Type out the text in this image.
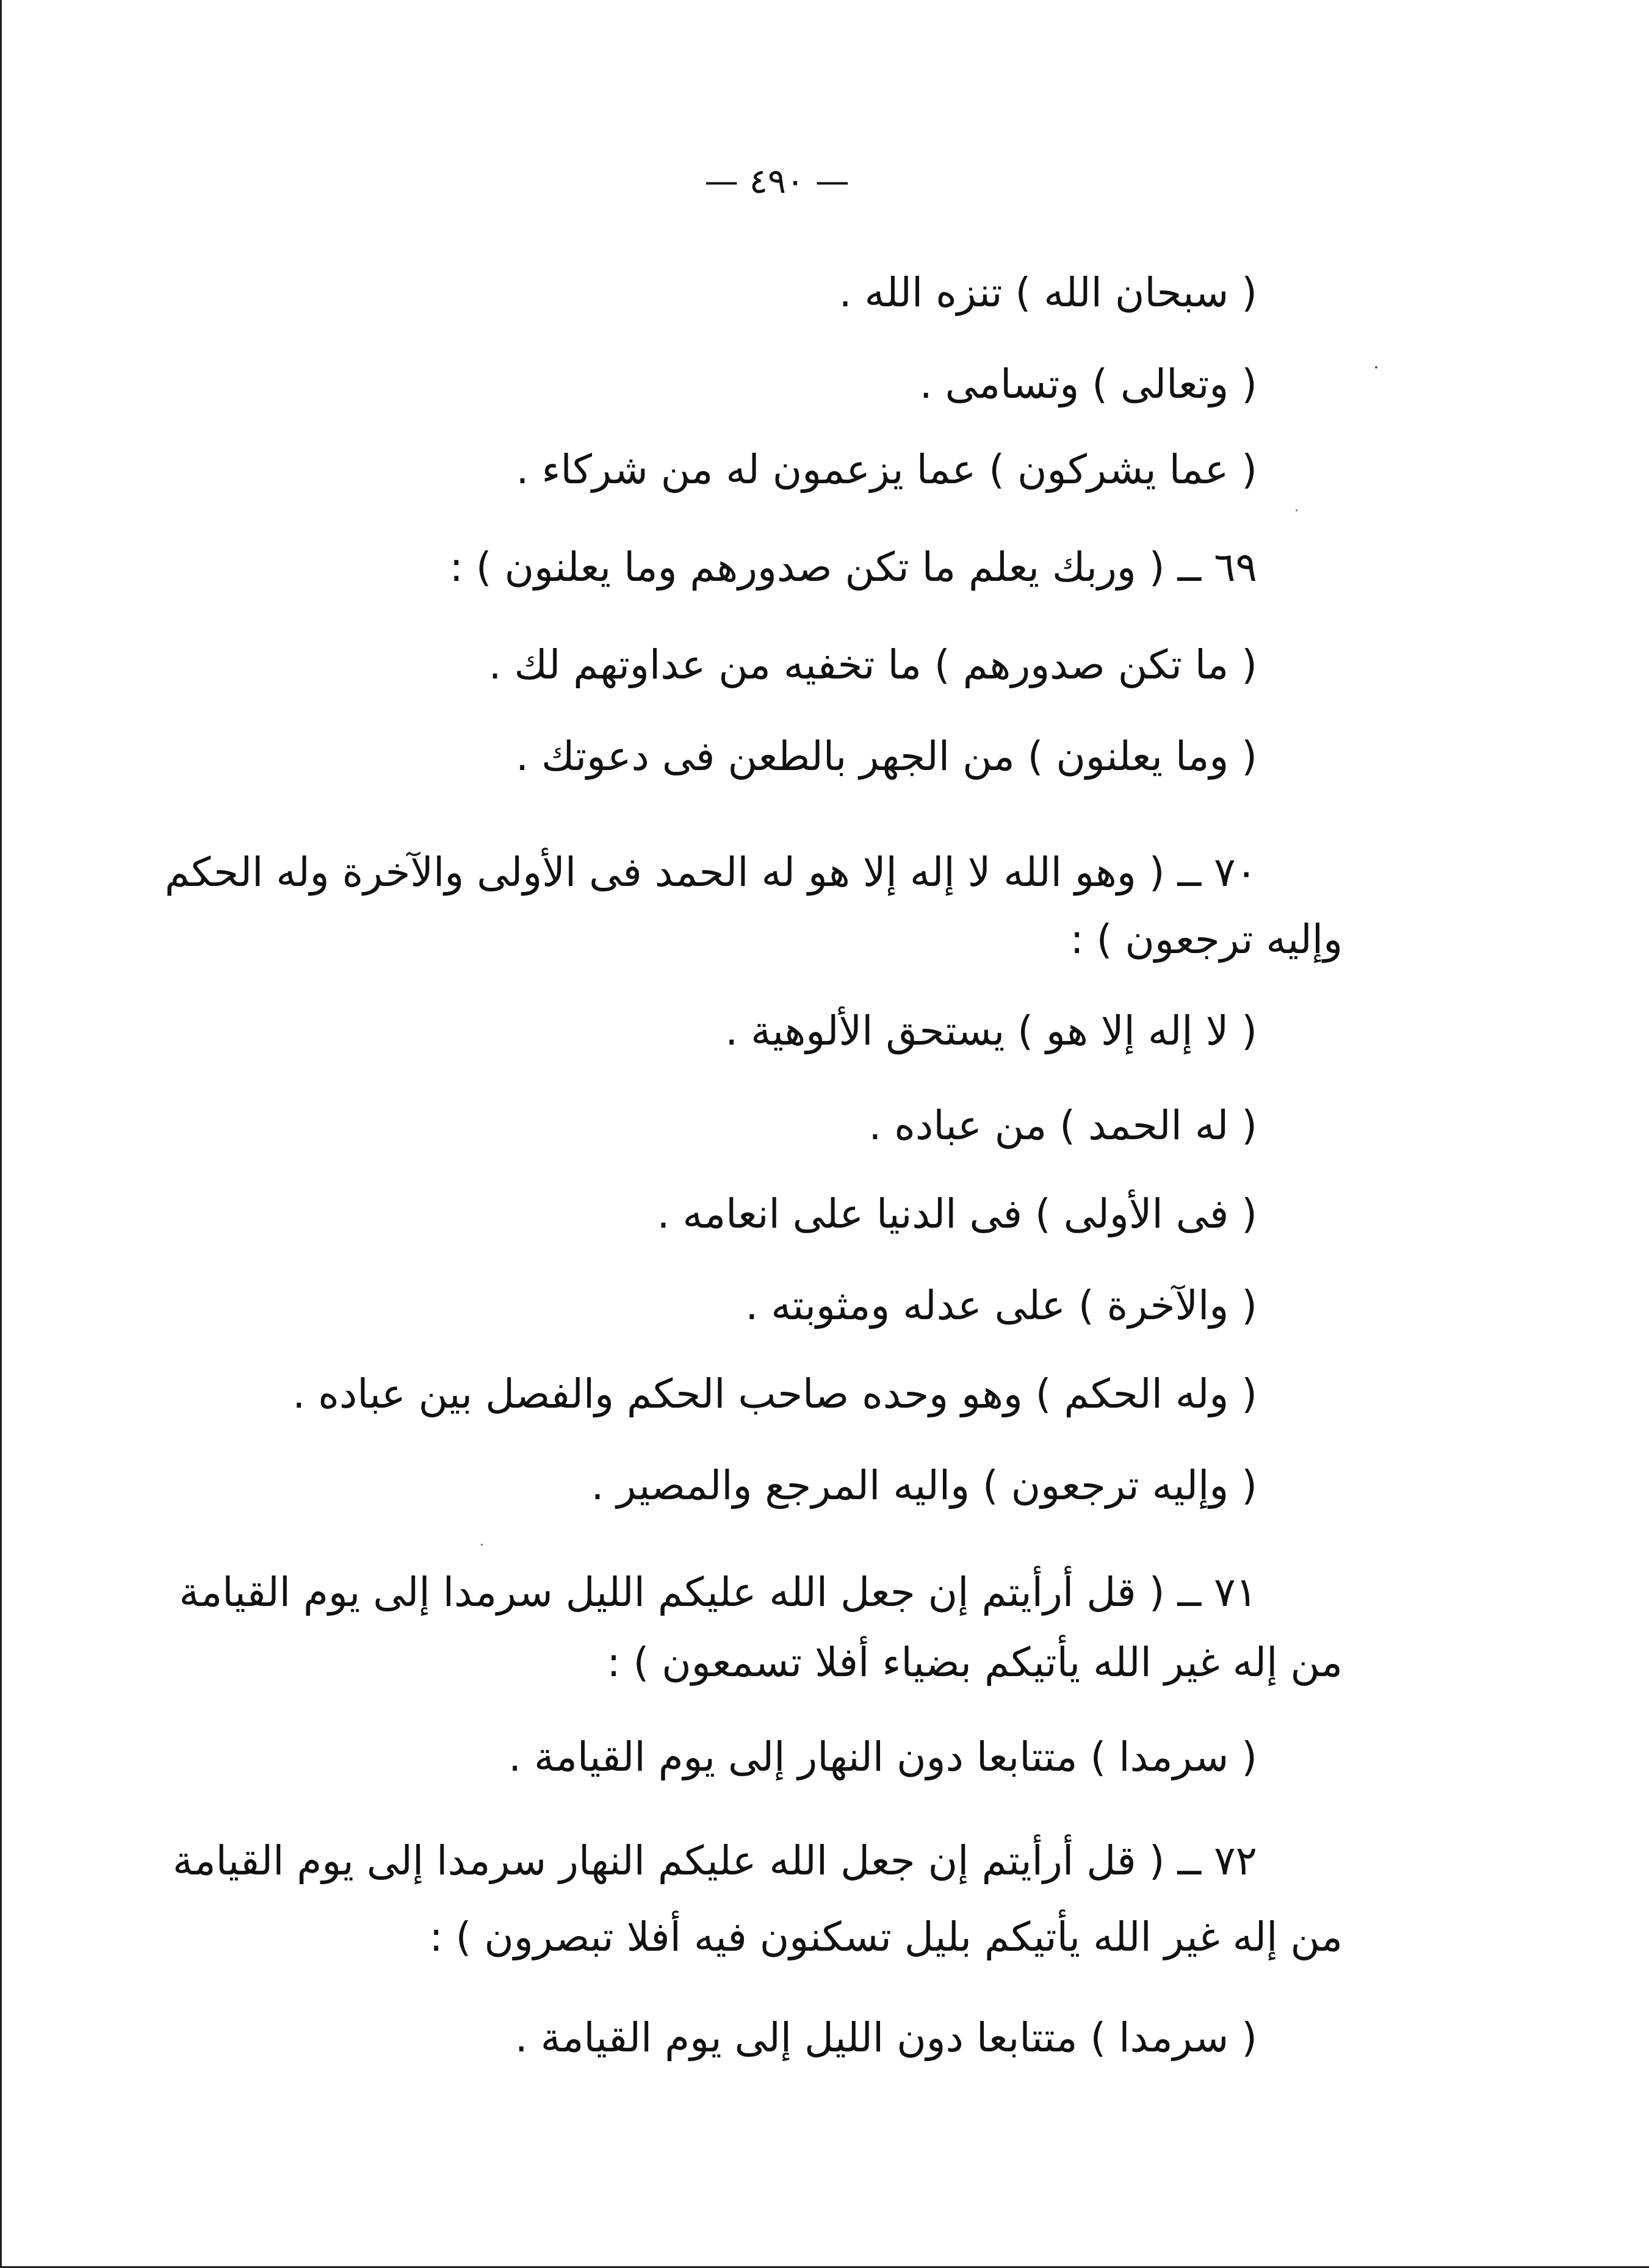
— ٤٩٠ —
( سبحان الله ) تنزه الله .
( وتعالى ) وتسامى .
( عما يشركون ) عما يزعمون له من شركاء .
٦٩ ــ ( وربك يعلم ما تكن صدورهم وما يعلنون ) :
( ما تكن صدورهم ) ما تخفيه من عداوتهم لك .
( وما يعلنون ) من الجهر بالطعن فى دعوتك .
٧٠ ــ ( وهو الله لا إله إلا هو له الحمد فى الأولى والآخرة وله الحكم
وإليه ترجعون ) :
( لا إله إلا هو ) يستحق الألوهية .
( له الحمد ) من عباده .
( فى الأولى ) فى الدنيا على انعامه .
( والآخرة ) على عدله ومثوبته .
( وله الحكم ) وهو وحده صاحب الحكم والفصل بين عباده .
( وإليه ترجعون ) واليه المرجع والمصير .
٧١ ــ ( قل أرأيتم إن جعل الله عليكم الليل سرمدا إلى يوم القيامة
من إله غير الله يأتيكم بضياء أفلا تسمعون ) :
( سرمدا ) متتابعا دون النهار إلى يوم القيامة .
٧٢ ــ ( قل أرأيتم إن جعل الله عليكم النهار سرمدا إلى يوم القيامة
من إله غير الله يأتيكم بليل تسكنون فيه أفلا تبصرون ) :
( سرمدا ) متتابعا دون الليل إلى يوم القيامة .
